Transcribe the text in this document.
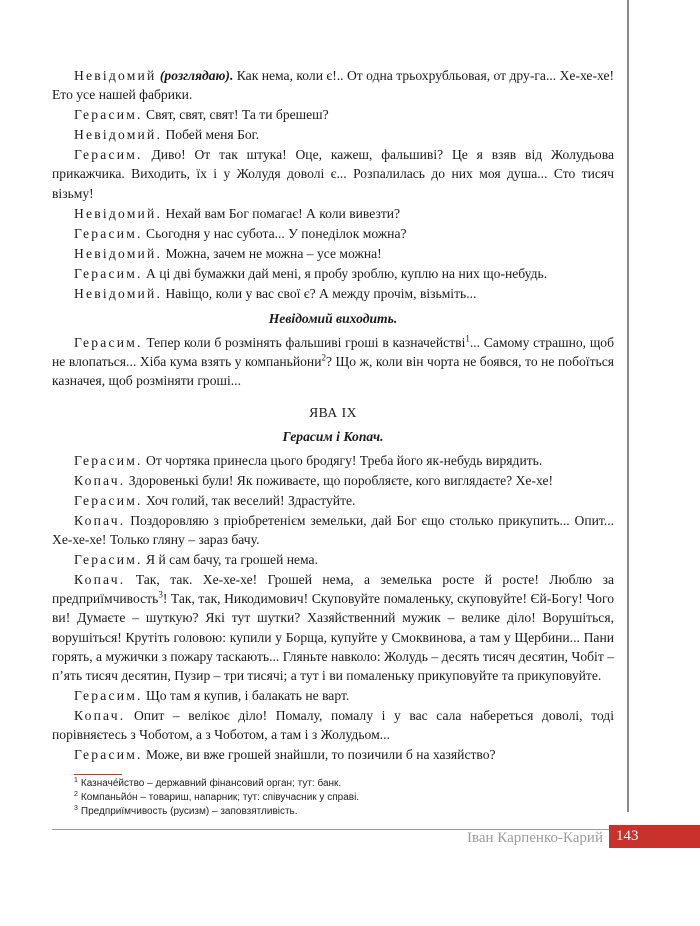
Невідомий (розглядаю). Как нема, коли є!.. От одна трьохрубльовая, от дру-га... Хе-хе-хе! Ето усе нашей фабрики.

Герасим. Свят, свят, свят! Та ти брешеш?

Невідомий. Побей меня Бог.

Герасим. Диво! От так штука! Оце, кажеш, фальшиві? Це я взяв від Жолудьова прикажчика. Виходить, їх і у Жолудя доволі є... Розпалилась до них моя душа... Сто тисяч візьму!

Невідомий. Нехай вам Бог помагає! А коли вивезти?

Герасим. Сьогодня у нас субота... У понеділок можна?

Невідомий. Можна, зачем не можна – усе можна!

Герасим. А ці дві бумажки дай мені, я пробу зроблю, куплю на них що-небудь.

Невідомий. Навіщо, коли у вас свої є? А между прочім, візьміть...

Невідомий виходить.

Герасим. Тепер коли б розмінять фальшиві гроші в казначействі$^1$... Самому страшно, щоб не влопаться... Хіба кума взять у компаньйони$^2$? Що ж, коли він чорта не боявся, то не побоїться казначея, щоб розміняти гроші...

ЯВА IX

Герасим і Копач.

Герасим. От чортяка принесла цього бродягу! Треба його як-небудь вирядить.

Копач. Здоровенькі були! Як поживаєте, що поробляєте, кого виглядаєте? Хе-хе!

Герасим. Хоч голий, так веселий! Здрастуйте.

Копач. Поздоровляю з пріобретенієм земельки, дай Бог єщо столько прикупить... Опит... Хе-хе-хе! Только гляну – зараз бачу.

Герасим. Я й сам бачу, та грошей нема.

Копач. Так, так. Хе-хе-хе! Грошей нема, а земелька росте й росте! Люблю за предприїмчивость$^3$! Так, так, Никодимович! Скуповуйте помаленьку, скуповуйте! Єй-Богу! Чого ви! Думаєте – шуткую? Які тут шутки? Хазяйственний мужик – велике діло! Ворушіться, ворушіться! Крутіть головою: купили у Борща, купуйте у Смоквинова, а там у Щербини... Пани горять, а мужички з пожару таскають... Гляньте навколо: Жолудь – десять тисяч десятин, Чобіт – п’ять тисяч десятин, Пузир – три тисячі; а тут і ви помаленьку прикуповуйте та прикуповуйте.

Герасим. Що там я купив, і балакать не варт.

Копач. Опит – велікоє діло! Помалу, помалу і у вас сала набереться доволі, тоді порівняєтесь з Чоботом, а з Чоботом, а там і з Жолудьом...

Герасим. Може, ви вже грошей знайшли, то позичили б на хазяйство?

$^1$ Казначе́йство – державний фінансовий орган; тут: банк.
$^2$ Компаньйо́н – товариш, напарник; тут: співучасник у справі.
$^3$ Предприїмчивость (русизм) – заповзятливість.
Іван Карпенко-Карий 143
